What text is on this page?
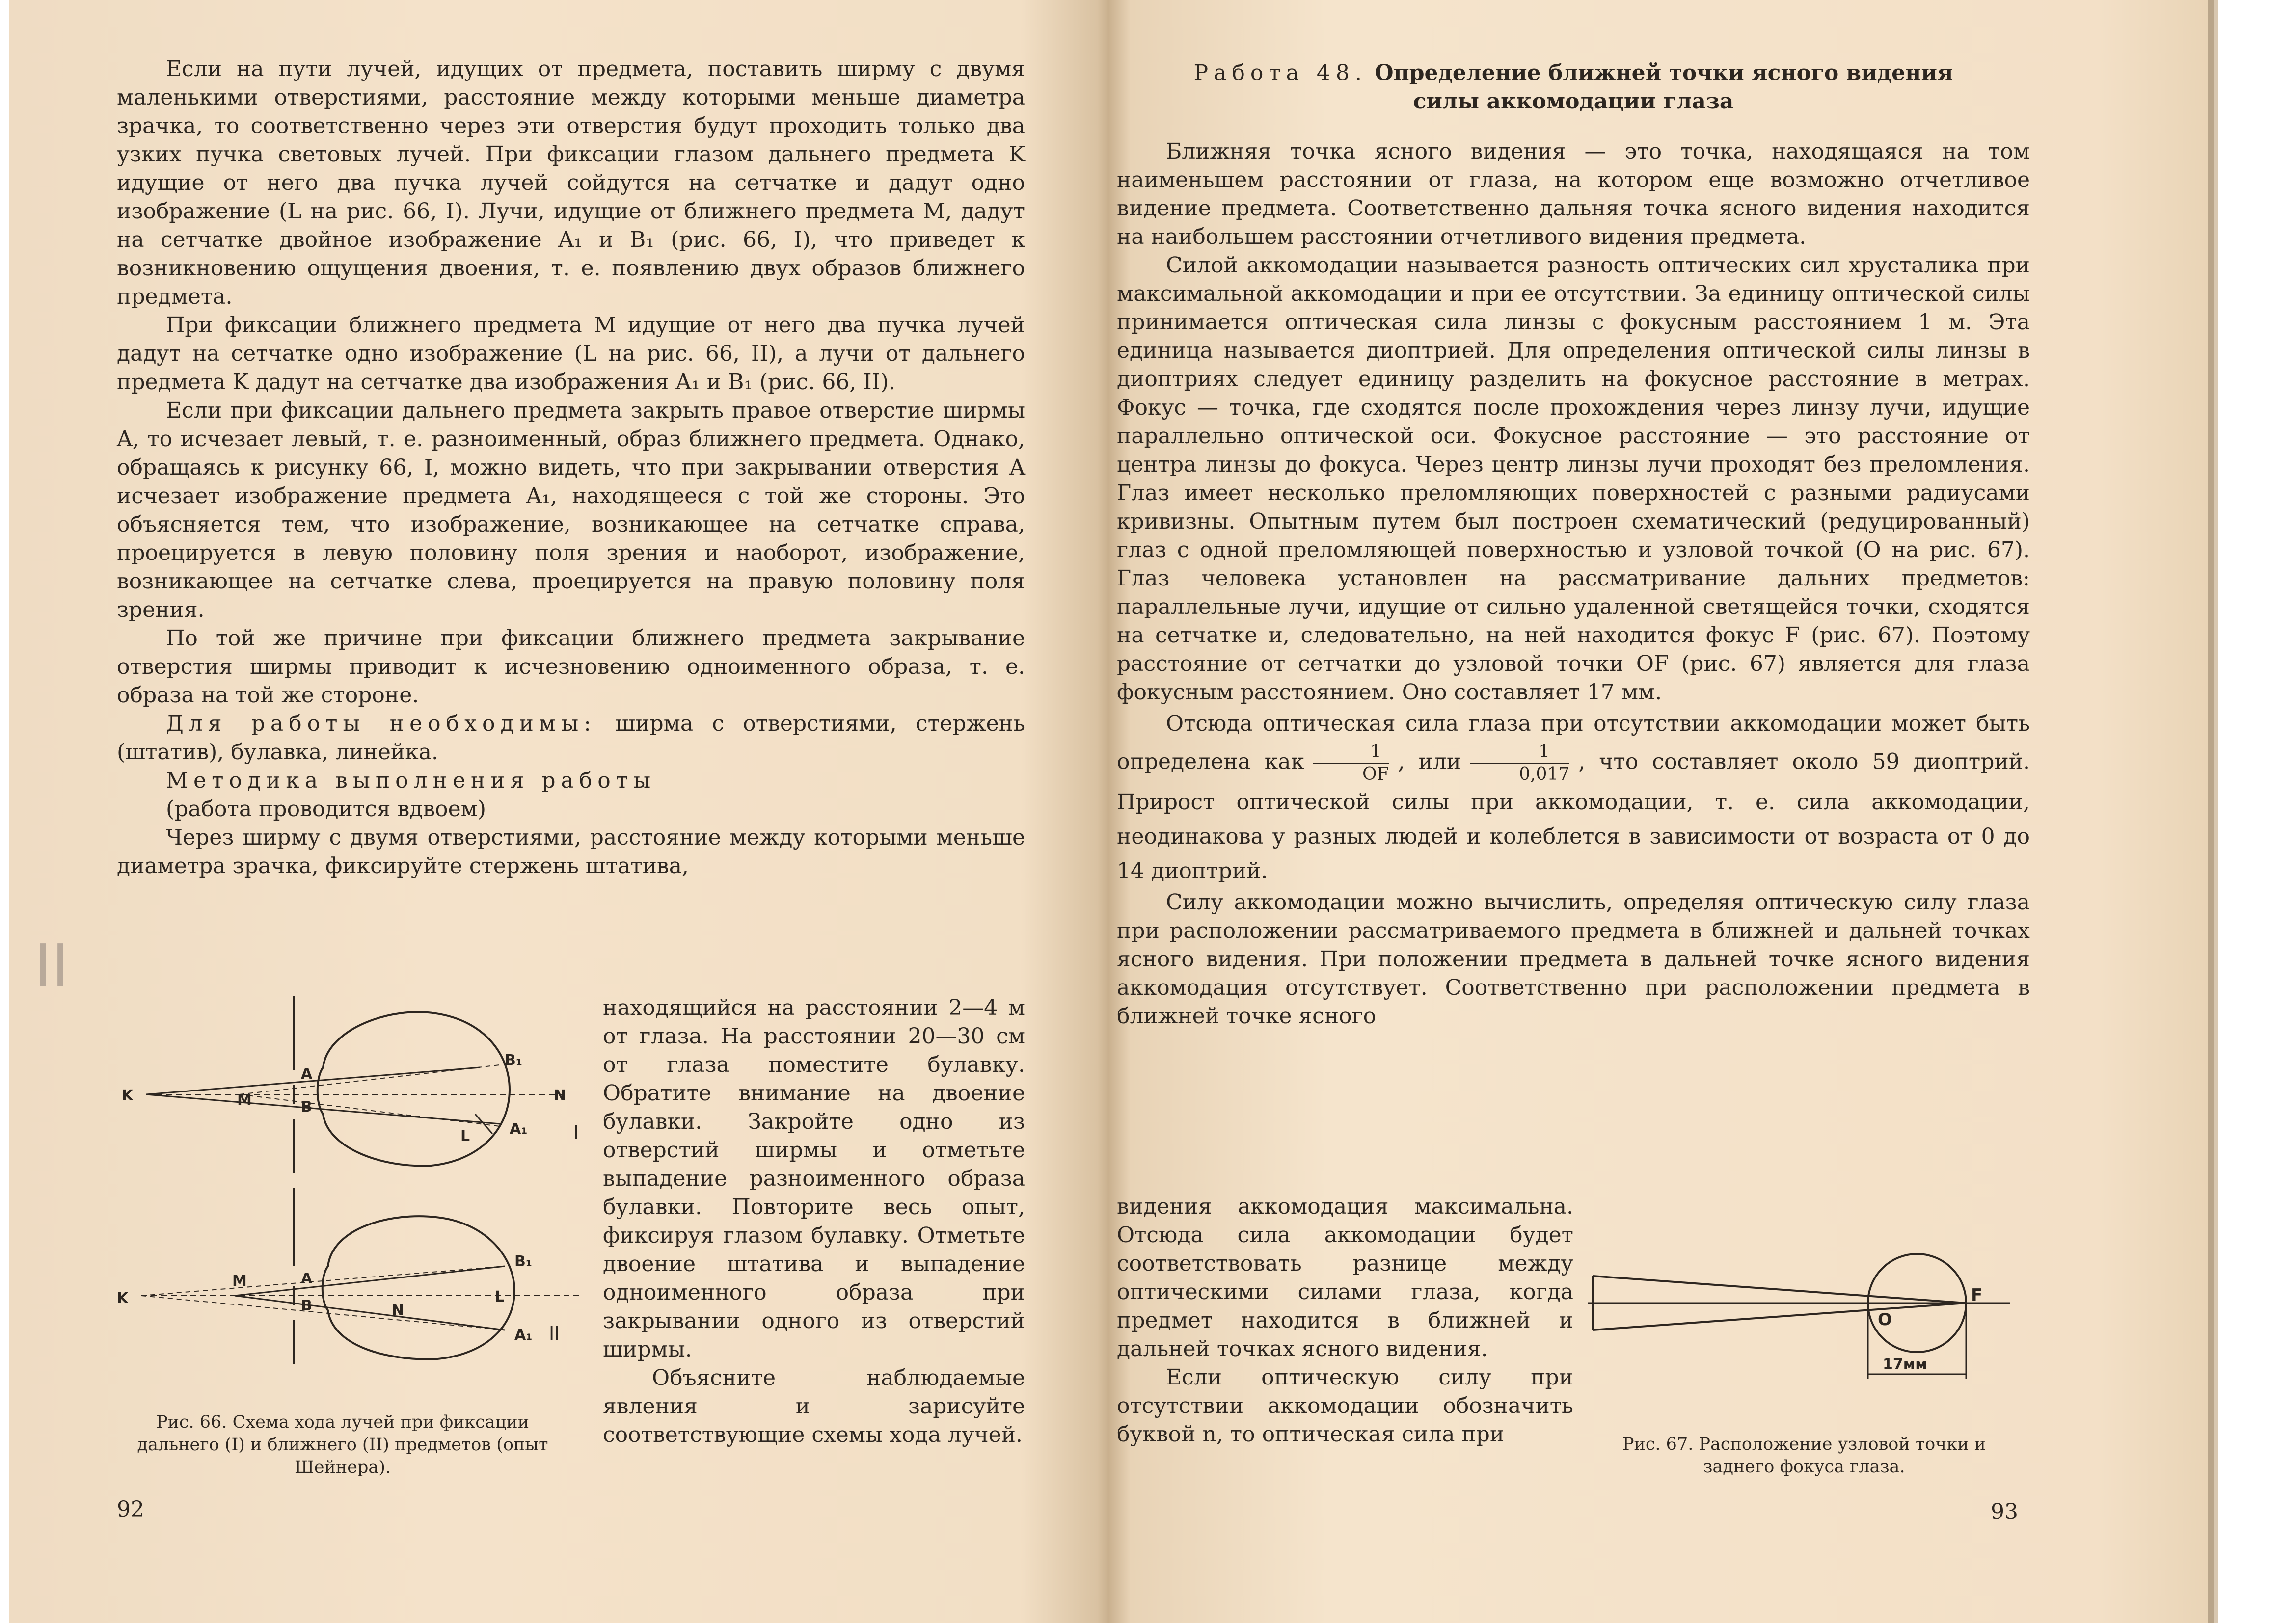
Если на пути лучей, идущих от предмета, поставить ширму с двумя маленькими отверстиями, расстояние между которыми меньше диаметра зрачка, то соответственно через эти отверстия будут проходить только два узких пучка световых лучей. При фиксации глазом дальнего предмета K идущие от него два пучка лучей сойдутся на сетчатке и дадут одно изображение (L на рис. 66, I). Лучи, идущие от ближнего предмета M, дадут на сетчатке двойное изображение A₁ и B₁ (рис. 66, I), что приведет к возникновению ощущения двоения, т. е. появлению двух образов ближнего предмета.

При фиксации ближнего предмета M идущие от него два пучка лучей дадут на сетчатке одно изображение (L на рис. 66, II), а лучи от дальнего предмета K дадут на сетчатке два изображения A₁ и B₁ (рис. 66, II).

Если при фиксации дальнего предмета закрыть правое отверстие ширмы A, то исчезает левый, т. е. разноименный, образ ближнего предмета. Однако, обращаясь к рисунку 66, I, можно видеть, что при закрывании отверстия A исчезает изображение предмета A₁, находящееся с той же стороны. Это объясняется тем, что изображение, возникающее на сетчатке справа, проецируется в левую половину поля зрения и наоборот, изображение, возникающее на сетчатке слева, проецируется на правую половину поля зрения.

По той же причине при фиксации ближнего предмета закрывание отверстия ширмы приводит к исчезновению одноименного образа, т. е. образа на той же стороне.

Для работы необходимы: ширма с отверстиями, стержень (штатив), булавка, линейка.

Методика выполнения работы

(работа проводится вдвоем)

Через ширму с двумя отверстиями, расстояние между которыми меньше диаметра зрачка, фиксируйте стержень штатива,

K	M
A
B
B₁
N
A₁
L	I
K
M	A
B	N
B₁
L
A₁ II

Рис. 66. Схема хода лучей при фиксации дальнего (I) и ближнего (II) предметов (опыт Шейнера).

находящийся на расстоянии 2—4 м от глаза. На расстоянии 20—30 см от глаза поместите булавку. Обратите внимание на двоение булавки. Закройте одно из отверстий ширмы и отметьте выпадение разноименного образа булавки. Повторите весь опыт, фиксируя глазом булавку. Отметьте двоение штатива и выпадение одноименного образа при закрывании одного из отверстий ширмы.

Объясните наблюдаемые явления и зарисуйте соответствующие схемы хода лучей.

92
II

Работа 48. Определение ближней точки ясного видения
силы аккомодации глаза

Ближняя точка ясного видения — это точка, находящаяся на том наименьшем расстоянии от глаза, на котором еще возможно отчетливое видение предмета. Соответственно дальняя точка ясного видения находится на наибольшем расстоянии отчетливого видения предмета.

Силой аккомодации называется разность оптических сил хрусталика при максимальной аккомодации и при ее отсутствии. За единицу оптической силы принимается оптическая сила линзы с фокусным расстоянием 1 м. Эта единица называется диоптрией. Для определения оптической силы линзы в диоптриях следует единицу разделить на фокусное расстояние в метрах. Фокус — точка, где сходятся после прохождения через линзу лучи, идущие параллельно оптической оси. Фокусное расстояние — это расстояние от центра линзы до фокуса. Через центр линзы лучи проходят без преломления. Глаз имеет несколько преломляющих поверхностей с разными радиусами кривизны. Опытным путем был построен схематический (редуцированный) глаз с одной преломляющей поверхностью и узловой точкой (O на рис. 67). Глаз человека установлен на рассматривание дальних предметов: параллельные лучи, идущие от сильно удаленной светящейся точки, сходятся на сетчатке и, следовательно, на ней находится фокус F (рис. 67). Поэтому расстояние от сетчатки до узловой точки OF (рис. 67) является для глаза фокусным расстоянием. Оно составляет 17 мм.

Отсюда оптическая сила глаза при отсутствии аккомодации может быть определена как $\frac{1}{OF}$ , или $\frac{1}{0,017}$ , что составляет около 59 диоптрий. Прирост оптической силы при аккомодации, т. е. сила аккомодации, неодинакова у разных людей и колеблется в зависимости от возраста от 0 до 14 диоптрий.

Силу аккомодации можно вычислить, определяя оптическую силу глаза при расположении рассматриваемого предмета в ближней и дальней точках ясного видения. При положении предмета в дальней точке ясного видения аккомодация отсутствует. Соответственно при расположении предмета в ближней точке ясного

видения аккомодация максимальна. Отсюда сила аккомодации будет соответствовать разнице между оптическими силами глаза, когда предмет находится в ближней и дальней точках ясного видения.

Если оптическую силу при отсутствии аккомодации обозначить буквой n, то оптическая сила при

O
F
17мм

Рис. 67. Расположение узловой точки и заднего фокуса глаза.

93
